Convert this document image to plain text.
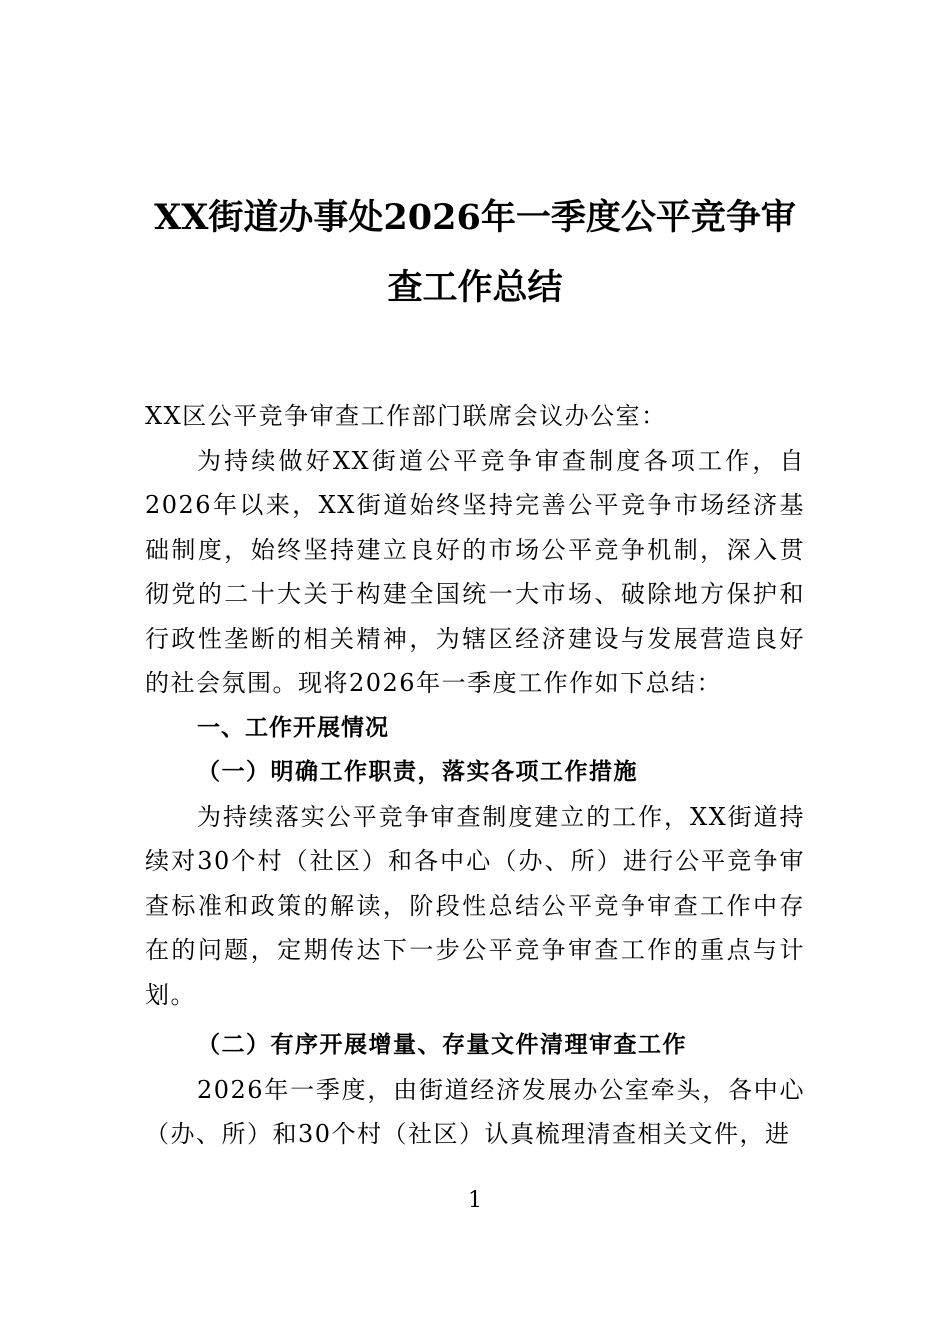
XX街道办事处2026年一季度公平竞争审
查工作总结

XX区公平竞争审查工作部门联席会议办公室：

为持续做好XX街道公平竞争审查制度各项工作，自2026年以来，XX街道始终坚持完善公平竞争市场经济基础制度，始终坚持建立良好的市场公平竞争机制，深入贯彻党的二十大关于构建全国统一大市场、破除地方保护和行政性垄断的相关精神，为辖区经济建设与发展营造良好的社会氛围。现将2026年一季度工作作如下总结：

一、工作开展情况

（一）明确工作职责，落实各项工作措施

为持续落实公平竞争审查制度建立的工作，XX街道持续对30个村（社区）和各中心（办、所）进行公平竞争审查标准和政策的解读，阶段性总结公平竞争审查工作中存在的问题，定期传达下一步公平竞争审查工作的重点与计划。

（二）有序开展增量、存量文件清理审查工作

2026年一季度，由街道经济发展办公室牵头，各中心（办、所）和30个村（社区）认真梳理清查相关文件，进

1
